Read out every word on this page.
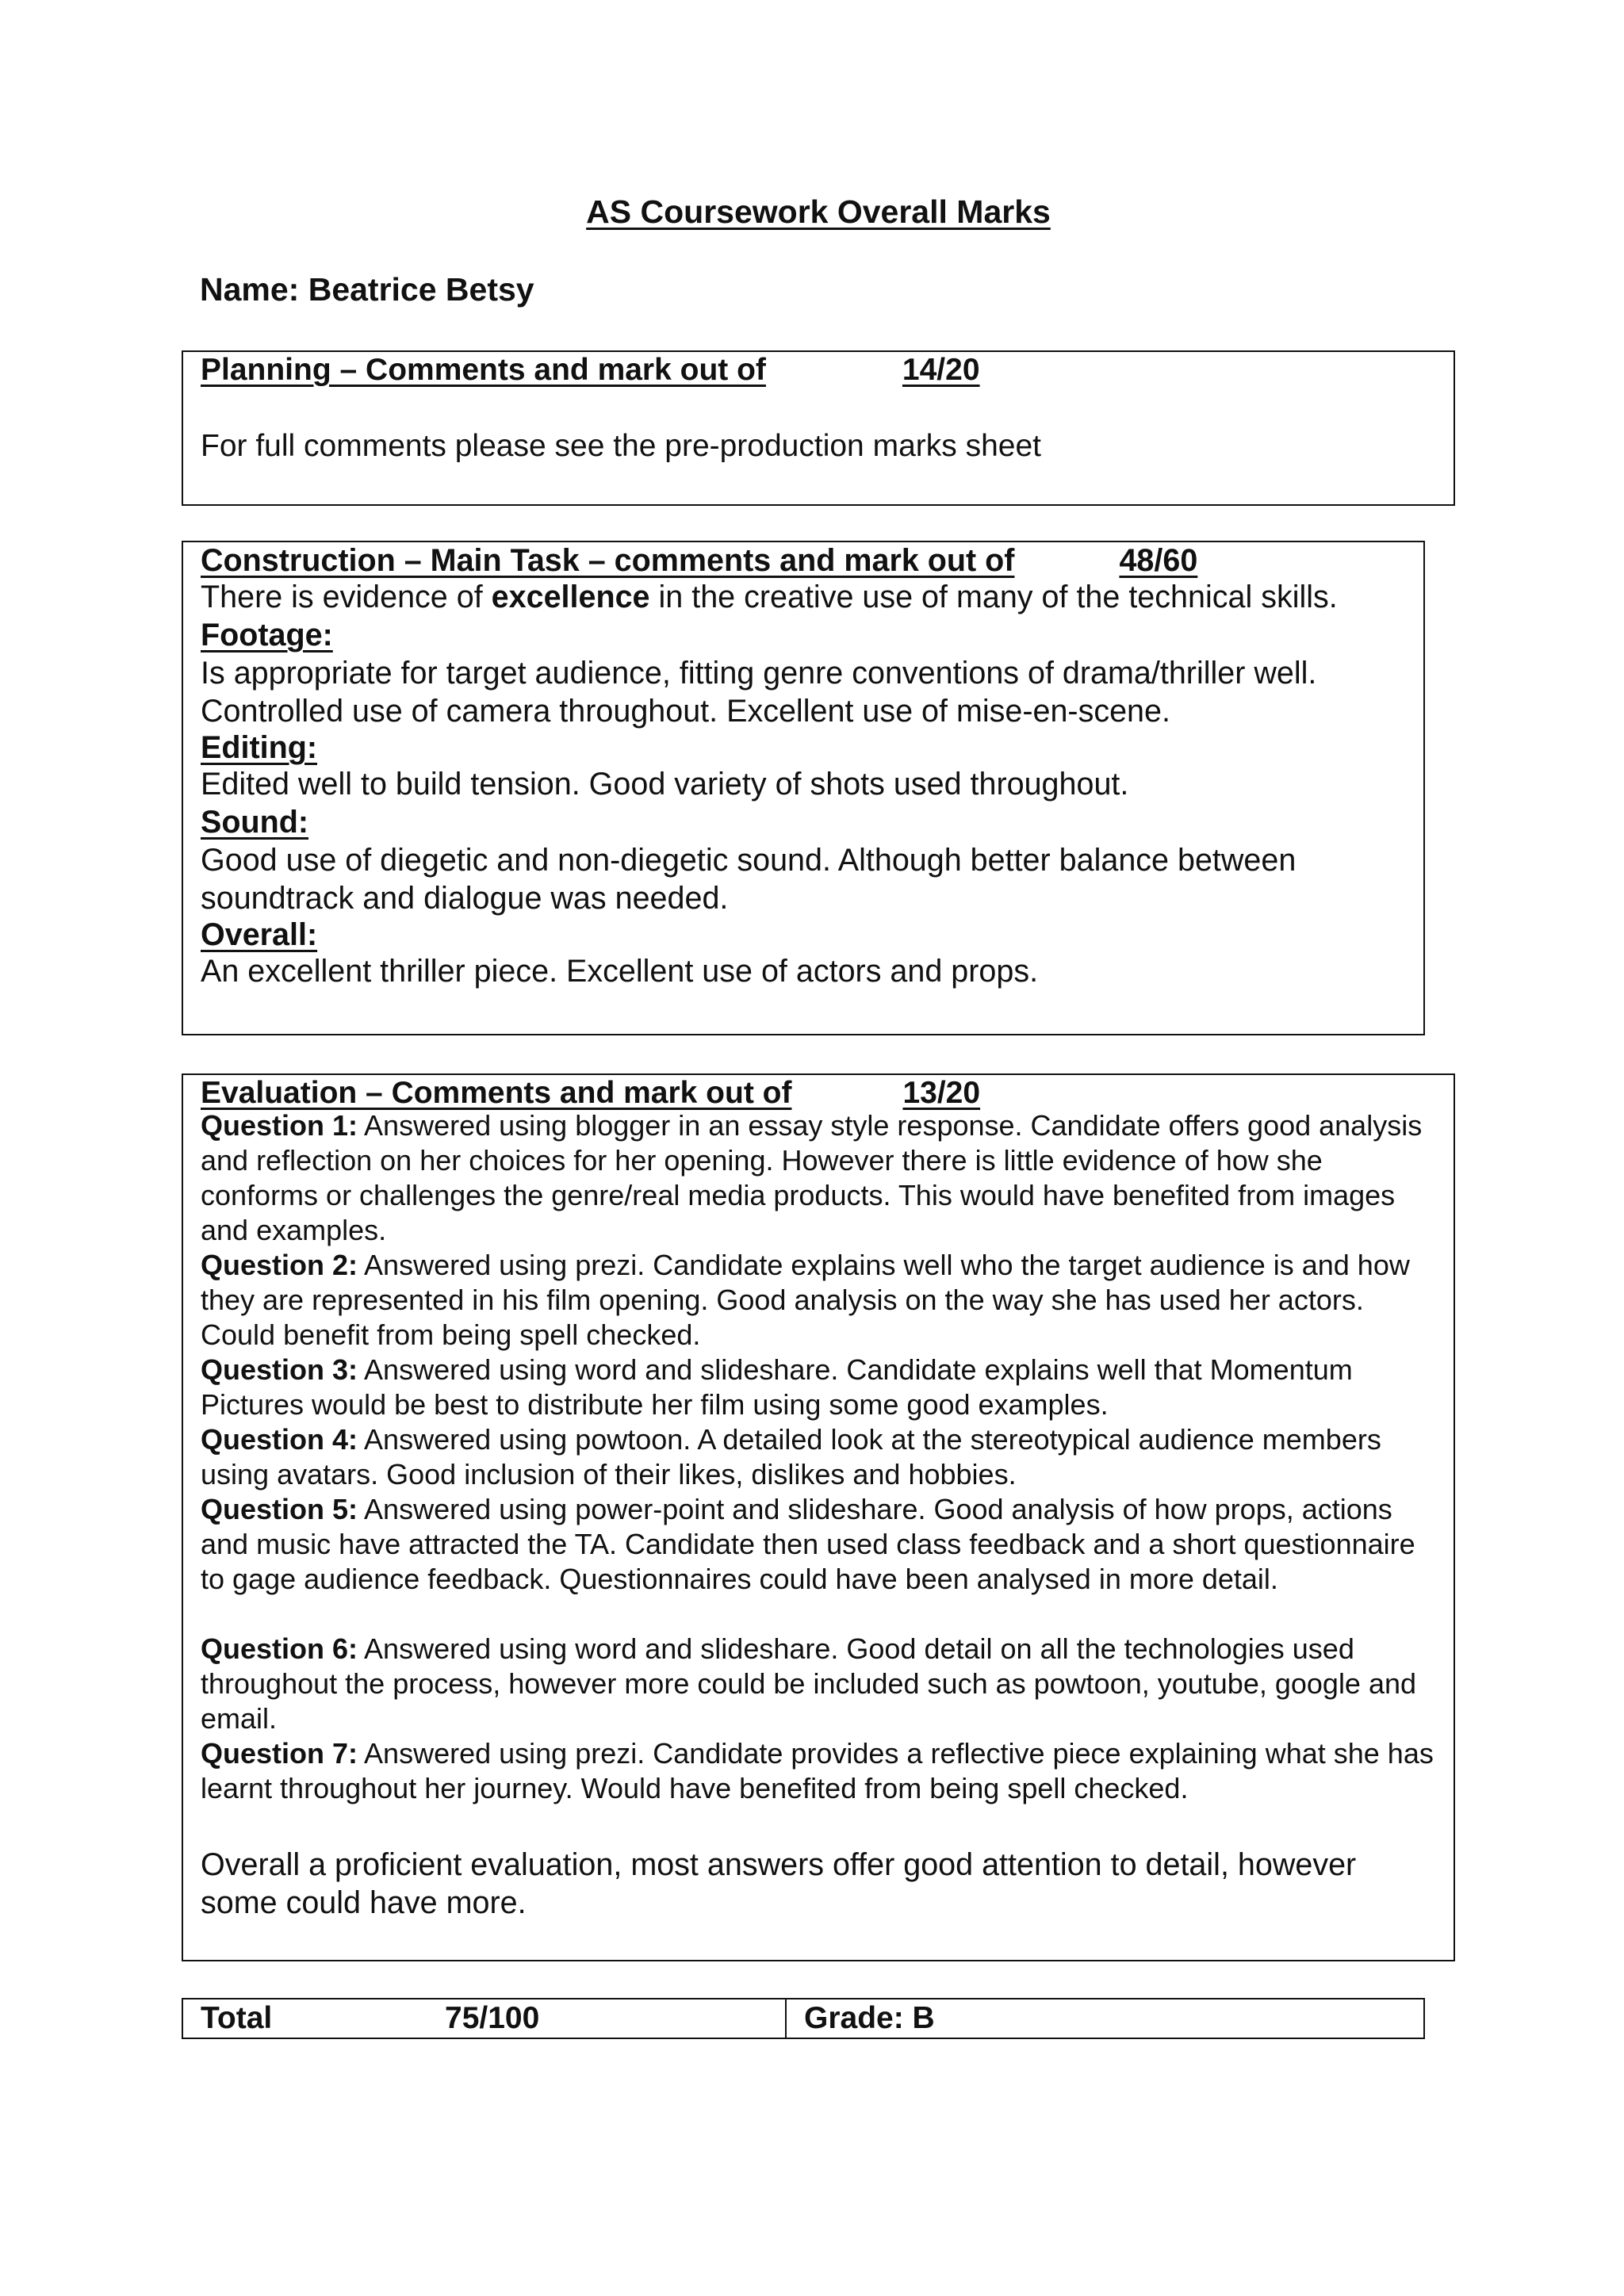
AS Coursework Overall Marks
Name: Beatrice Betsy
Planning – Comments and mark out of	14/20
For full comments please see the pre-production marks sheet
Construction – Main Task – comments and mark out of	48/60
There is evidence of excellence in the creative use of many of the technical skills.
Footage:
Is appropriate for target audience, fitting genre conventions of drama/thriller well.
Controlled use of camera throughout. Excellent use of mise-en-scene.
Editing:
Edited well to build tension. Good variety of shots used throughout.
Sound:
Good use of diegetic and non-diegetic sound. Although better balance between
soundtrack and dialogue was needed.
Overall:
An excellent thriller piece. Excellent use of actors and props.
Evaluation – Comments and mark out of	13/20
Question 1: Answered using blogger in an essay style response. Candidate offers good analysis and reflection on her choices for her opening. However there is little evidence of how she conforms or challenges the genre/real media products. This would have benefited from images and examples.
Question 2: Answered using prezi. Candidate explains well who the target audience is and how they are represented in his film opening. Good analysis on the way she has used her actors. Could benefit from being spell checked.
Question 3: Answered using word and slideshare. Candidate explains well that Momentum Pictures would be best to distribute her film using some good examples.
Question 4: Answered using powtoon. A detailed look at the stereotypical audience members using avatars. Good inclusion of their likes, dislikes and hobbies.
Question 5: Answered using power-point and slideshare. Good analysis of how props, actions and music have attracted the TA. Candidate then used class feedback and a short questionnaire to gage audience feedback. Questionnaires could have been analysed in more detail.
Question 6: Answered using word and slideshare. Good detail on all the technologies used throughout the process, however more could be included such as powtoon, youtube, google and email.
Question 7: Answered using prezi. Candidate provides a reflective piece explaining what she has learnt throughout her journey. Would have benefited from being spell checked.
Overall a proficient evaluation, most answers offer good attention to detail, however some could have more.
Total	75/100	Grade: B
